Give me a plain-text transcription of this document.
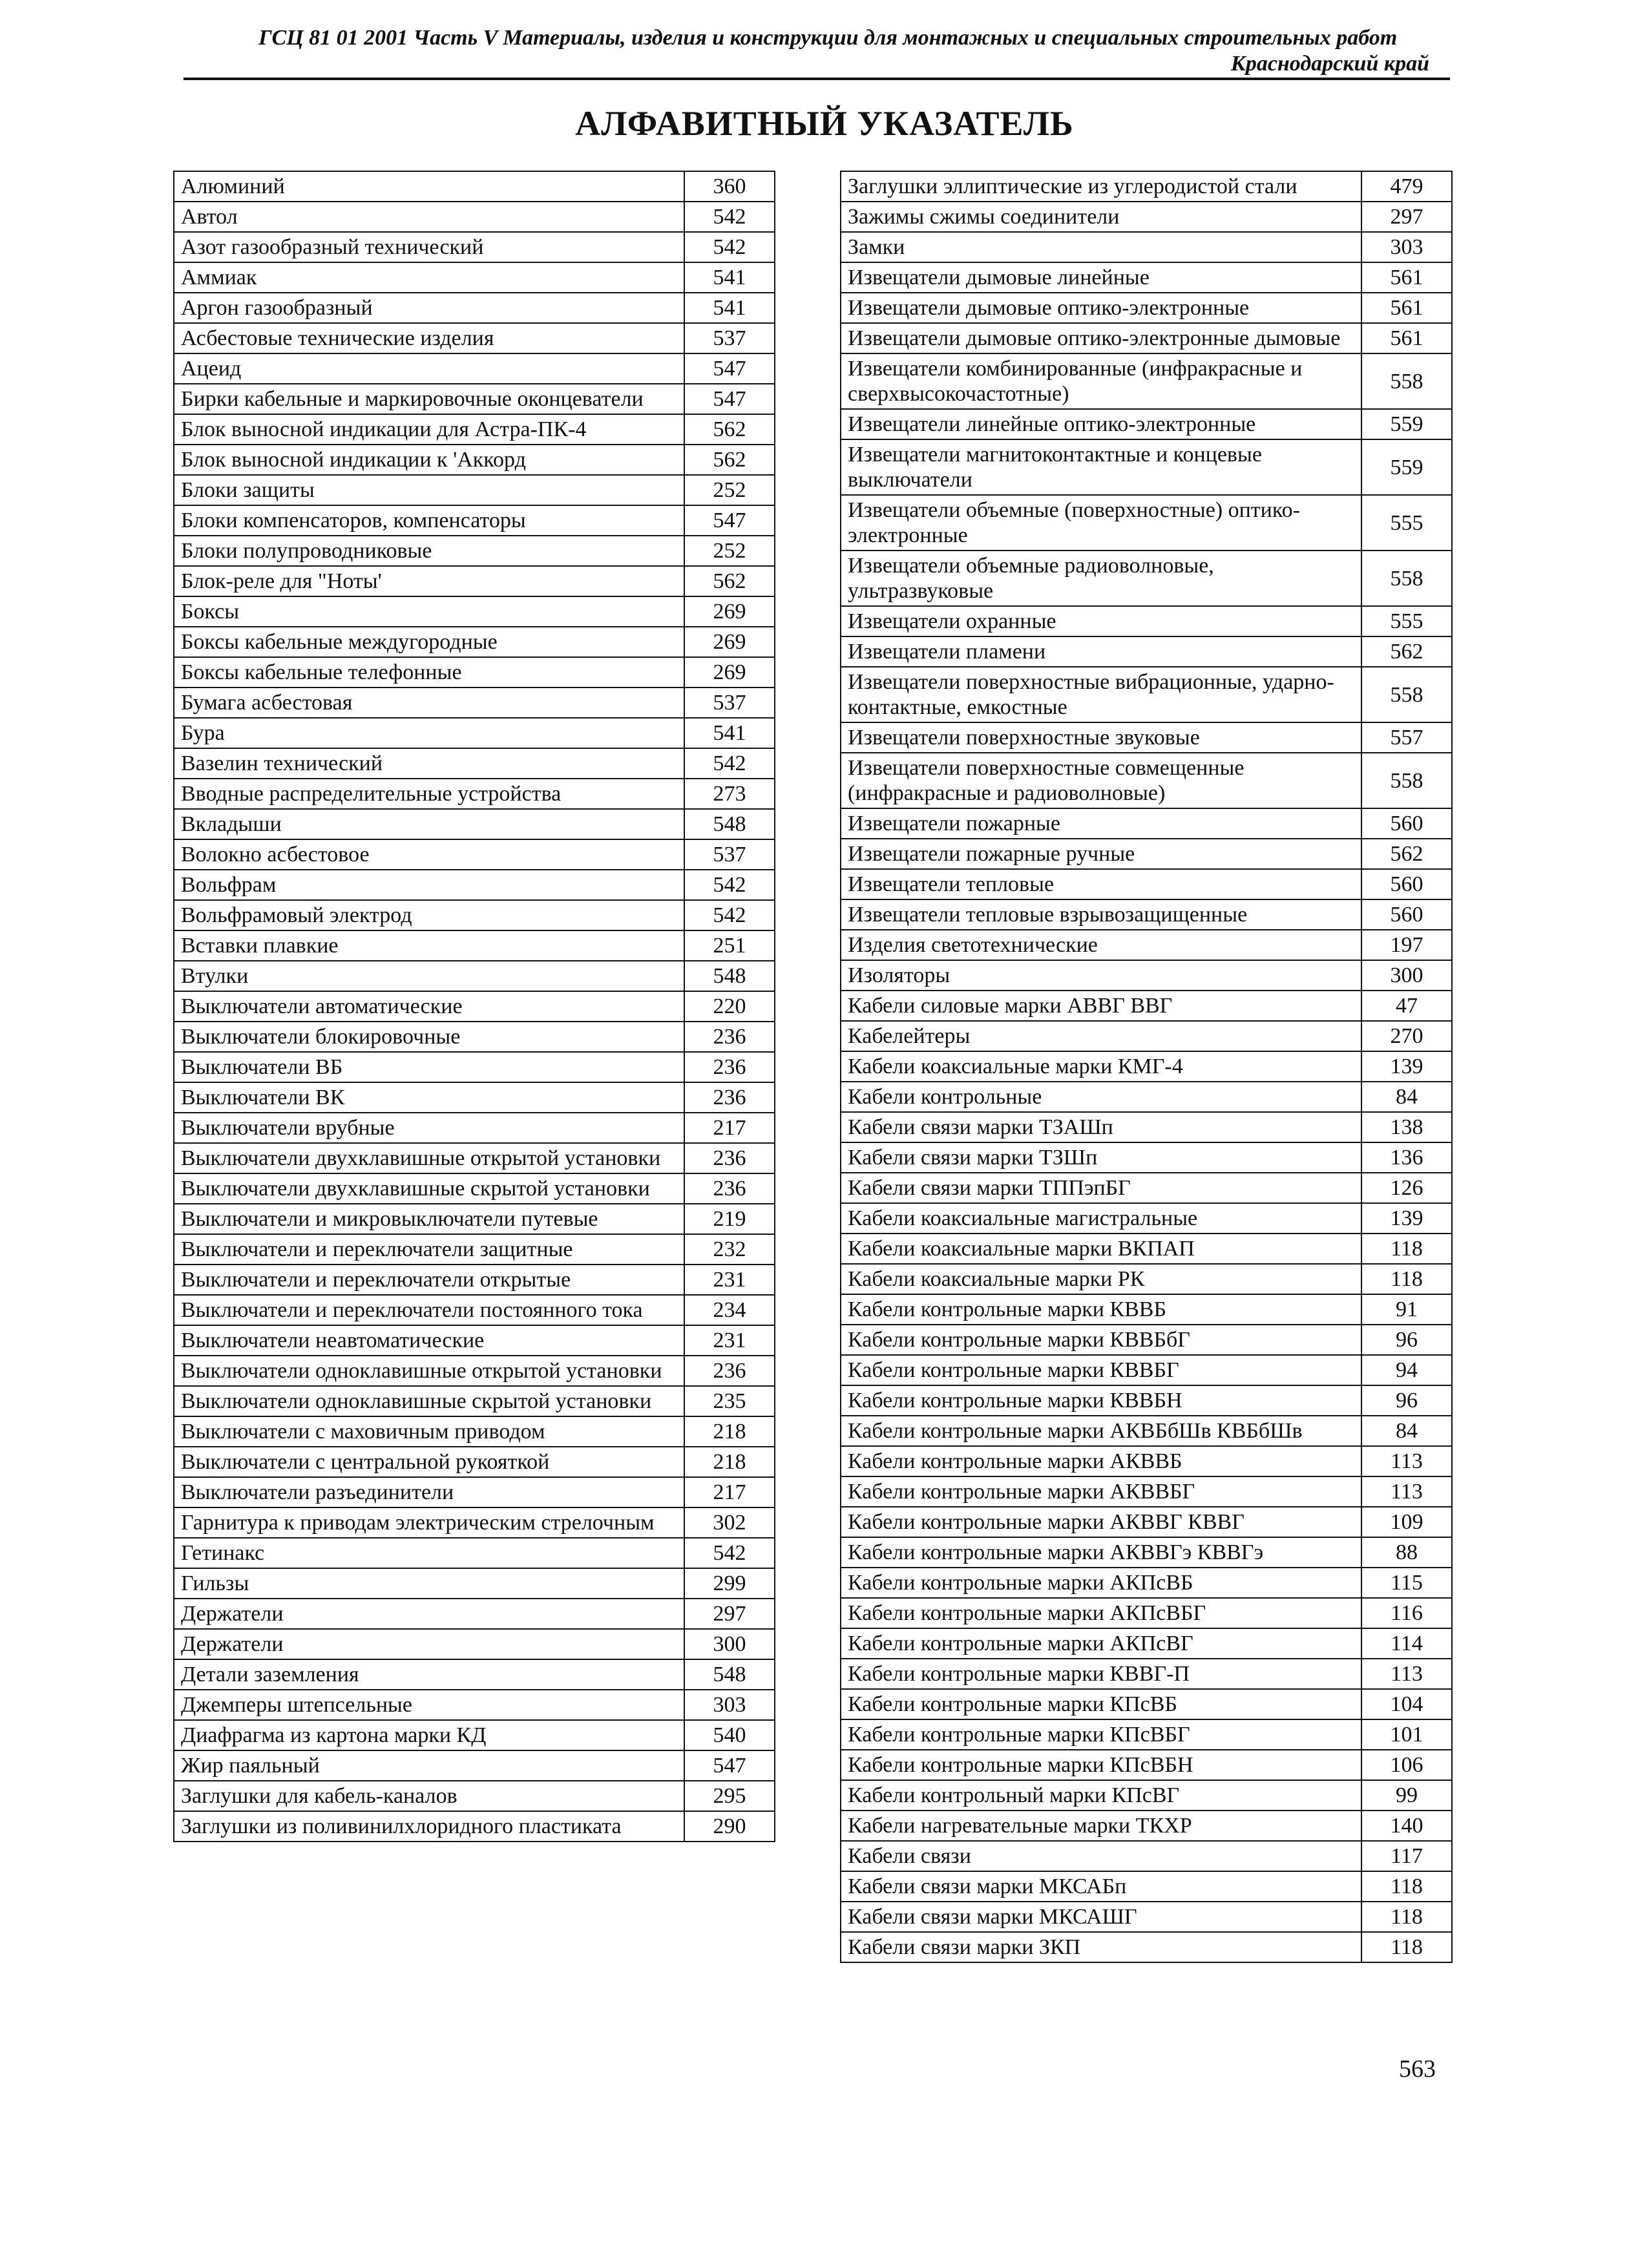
ГСЦ 81 01 2001 Часть V Материалы, изделия и конструкции для монтажных и специальных строительных работ
Краснодарский край
АЛФАВИТНЫЙ УКАЗАТЕЛЬ
Алюминий	360
Автол	542
Азот газообразный технический	542
Аммиак	541
Аргон газообразный	541
Асбестовые технические изделия	537
Ацеид	547
Бирки кабельные и маркировочные оконцеватели	547
Блок выносной индикации для Астра-ПК-4	562
Блок выносной индикации к 'Аккорд	562
Блоки защиты	252
Блоки компенсаторов, компенсаторы	547
Блоки полупроводниковые	252
Блок-реле для "Ноты'	562
Боксы	269
Боксы кабельные междугородные	269
Боксы кабельные телефонные	269
Бумага асбестовая	537
Бура	541
Вазелин технический	542
Вводные распределительные устройства	273
Вкладыши	548
Волокно асбестовое	537
Вольфрам	542
Вольфрамовый электрод	542
Вставки плавкие	251
Втулки	548
Выключатели автоматические	220
Выключатели блокировочные	236
Выключатели ВБ	236
Выключатели ВК	236
Выключатели врубные	217
Выключатели двухклавишные открытой установки	236
Выключатели двухклавишные скрытой установки	236
Выключатели и микровыключатели путевые	219
Выключатели и переключатели защитные	232
Выключатели и переключатели открытые	231
Выключатели и переключатели постоянного тока	234
Выключатели неавтоматические	231
Выключатели одноклавишные открытой установки	236
Выключатели одноклавишные скрытой установки	235
Выключатели с маховичным приводом	218
Выключатели с центральной рукояткой	218
Выключатели разъединители	217
Гарнитура к приводам электрическим стрелочным	302
Гетинакс	542
Гильзы	299
Держатели	297
Держатели	300
Детали заземления	548
Джемперы штепсельные	303
Диафрагма из картона марки КД	540
Жир паяльный	547
Заглушки для кабель-каналов	295
Заглушки из поливинилхлоридного пластиката	290
Заглушки эллиптические из углеродистой стали	479
Зажимы сжимы соединители	297
Замки	303
Извещатели дымовые линейные	561
Извещатели дымовые оптико-электронные	561
Извещатели дымовые оптико-электронные дымовые	561
Извещатели комбинированные (инфракрасные и сверхвысокочастотные)	558
Извещатели линейные оптико-электронные	559
Извещатели магнитоконтактные и концевые выключатели	559
Извещатели объемные (поверхностные) оптико-электронные	555
Извещатели объемные радиоволновые, ультразвуковые	558
Извещатели охранные	555
Извещатели пламени	562
Извещатели поверхностные вибрационные, ударно-контактные, емкостные	558
Извещатели поверхностные звуковые	557
Извещатели поверхностные совмещенные (инфракрасные и радиоволновые)	558
Извещатели пожарные	560
Извещатели пожарные ручные	562
Извещатели тепловые	560
Извещатели тепловые взрывозащищенные	560
Изделия светотехнические	197
Изоляторы	300
Кабели силовые марки АВВГ ВВГ	47
Кабелейтеры	270
Кабели коаксиальные марки КМГ-4	139
Кабели контрольные	84
Кабели связи марки ТЗАШп	138
Кабели связи марки ТЗШп	136
Кабели связи марки ТППэпБГ	126
Кабели коаксиальные магистральные	139
Кабели коаксиальные марки ВКПАП	118
Кабели коаксиальные марки РК	118
Кабели контрольные марки КВВБ	91
Кабели контрольные марки КВВБбГ	96
Кабели контрольные марки КВВБГ	94
Кабели контрольные марки КВВБН	96
Кабели контрольные марки АКВБбШв КВБбШв	84
Кабели контрольные марки АКВВБ	113
Кабели контрольные марки АКВВБГ	113
Кабели контрольные марки АКВВГ КВВГ	109
Кабели контрольные марки АКВВГэ КВВГэ	88
Кабели контрольные марки АКПсВБ	115
Кабели контрольные марки АКПсВБГ	116
Кабели контрольные марки АКПсВГ	114
Кабели контрольные марки КВВГ-П	113
Кабели контрольные марки КПсВБ	104
Кабели контрольные марки КПсВБГ	101
Кабели контрольные марки КПсВБН	106
Кабели контрольный марки КПсВГ	99
Кабели нагревательные марки ТКХР	140
Кабели связи	117
Кабели связи марки МКСАБп	118
Кабели связи марки МКСАШГ	118
Кабели связи марки ЗКП	118
563
